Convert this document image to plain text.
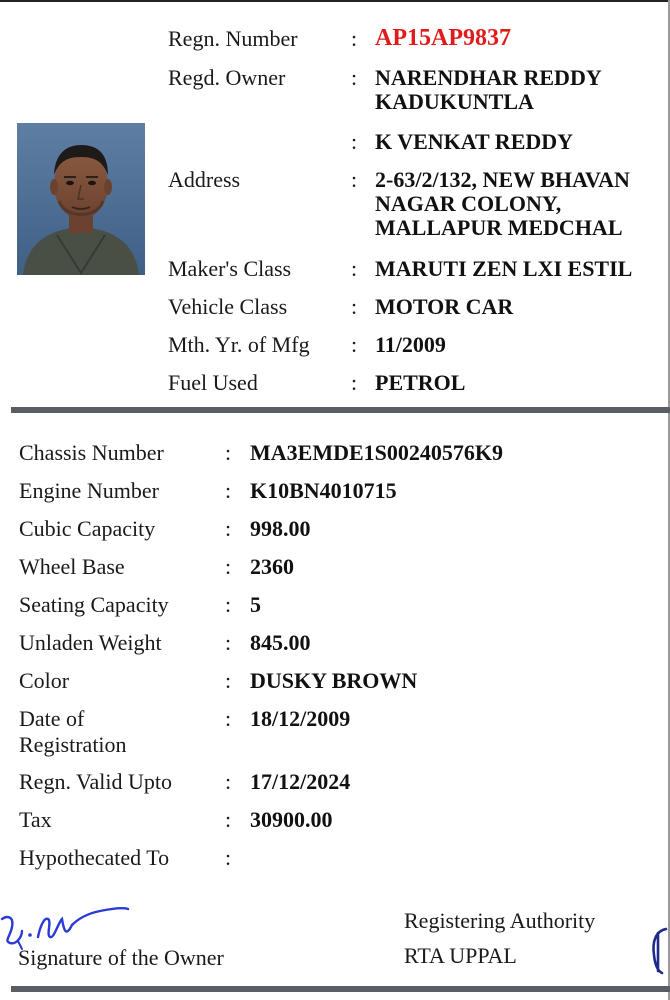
Regn. Number : AP15AP9837
Regd. Owner	: NARENDHAR REDDY
KADUKUNTLA
: K VENKAT REDDY
Address	: 2-63/2/132, NEW BHAVAN
NAGAR COLONY,
MALLAPUR MEDCHAL
Maker's Class	: MARUTI ZEN LXI ESTIL
Vehicle Class	: MOTOR CAR
Mth. Yr. of Mfg : 11/2009
Fuel Used	: PETROL
Chassis Number	: MA3EMDE1S00240576K9
Engine Number	: K10BN4010715
Cubic Capacity	: 998.00
Wheel Base	: 2360
Seating Capacity	: 5
Unladen Weight	: 845.00
Color	: DUSKY BROWN
Date of
Registration
: 18/12/2009
Regn. Valid Upto : 17/12/2024
Tax	: 30900.00
Hypothecated To	:
Signature of the Owner
Registering Authority
RTA UPPAL
